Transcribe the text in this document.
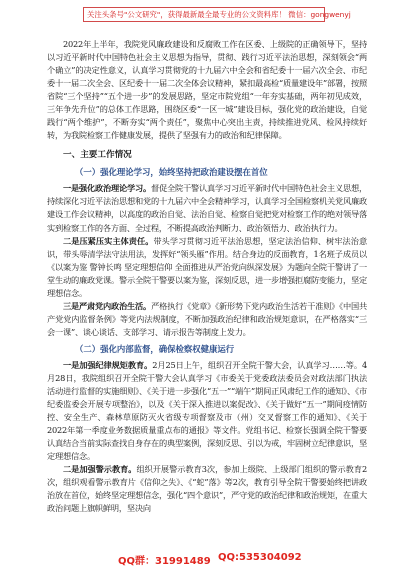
关注头条号"公文研究"，获得最新最全最专业的公文资料库！ 微信：gongwenyj

2022年上半年，我院党风廉政建设和反腐败工作在区委、上级院的正确领导下，坚持以习近平新时代中国特色社会主义思想为指导，贯彻、践行习近平法治思想，深刻领会“两个确立”的决定性意义，认真学习贯彻党的十九届六中全会和省纪委十一届六次全会、市纪委十一届二次全会、区纪委十一届二次全体会议精神，紧扣最高检“质量建设年”部署，按照省院“三个坚持”“五个进一步”的发展思路，坚定市院党组“一年夯实基础，两年初见成效，三年争先升位”的总体工作思路，围绕区委“一区一城”建设目标，强化党的政治建设，自觉践行“两个维护”，不断夯实“两个责任”，聚焦中心突出主责，持续推进党风、检风持续好转，为我院检察工作健康发展，提供了坚强有力的政治和纪律保障。

一、主要工作情况
（一）强化理论学习，始终坚持把政治建设摆在首位

一是强化政治理论学习。督促全院干警认真学习习近平新时代中国特色社会主义思想，持续深化习近平法治思想和党的十九届六中全会精神学习，认真学习全国检察机关党风廉政建设工作会议精神，以高度的政治自觉、法治自觉、检察自觉把党对检察工作的绝对领导落实到检察工作的各方面、全过程，不断提高政治判断力、政治领悟力、政治执行力。

二是压紧压实主体责任。带头学习贯彻习近平法治思想，坚定法治信仰、树牢法治意识，带头辱清学法守法用法，发挥好“领头雁”作用。结合身边的反面教育，1名班子成员以《以案为鉴 警钟长鸣 坚定理想信仰 全面推进从严治党向纵深发展》为题向全院干警讲了一堂生动的廉政党课。警示全院干警要以案为鉴，深刻反思，进一步增强拒腐防变能力，坚定理想信念。

三是严肃党内政治生活。严格执行《党章》《新形势下党内政治生活若干准则》《中国共产党党内监督条例》等党内法规制度，不断加强政治纪律和政治规矩意识，在严格落实“三会一课”、谈心谈话、支部学习、请示报告等制度上发力。

（二）强化内部监督，确保检察权健康运行

一是加强纪律规矩教育。2月25日上午，组织召开全院干警大会，认真学习……等。4月28日，我院组织召开全院干警大会认真学习《市委关于党委政法委员会对政法部门执法活动进行监督的实施细则》、《关于进一步强化“五一”“端午”期间正风肃纪工作的通知》、《市纪委监委会开展专项整治》，以及《关于深入推进以案促改》、《关于做好“五一”期间疫情防控、安全生产、森林草原防灭火省级专项督察及市（州）交叉督察工作的通知》、《关于2022年第一季度业务数据质量重点布的通报》等文件。党组书记、检察长强调全院干警要认真结合当前实际查找自身存在的典型案例，深刻反思、引以为戒，牢固树立纪律意识，坚定理想信念。

二是加强警示教育。组织开展警示教育3次，参加上级院、上级部门组织的警示教育2次，组织观看警示教育片《信仰之失》、《“蛇”落》等2次，教育引导全院干警要始终把讲政治放在首位，始终坚定理想信念，强化“四个意识”，严守党的政治纪律和政治规矩，在重大政治问题上旗帜鲜明，坚决向

QQ群：31991489 QQ:535304092
